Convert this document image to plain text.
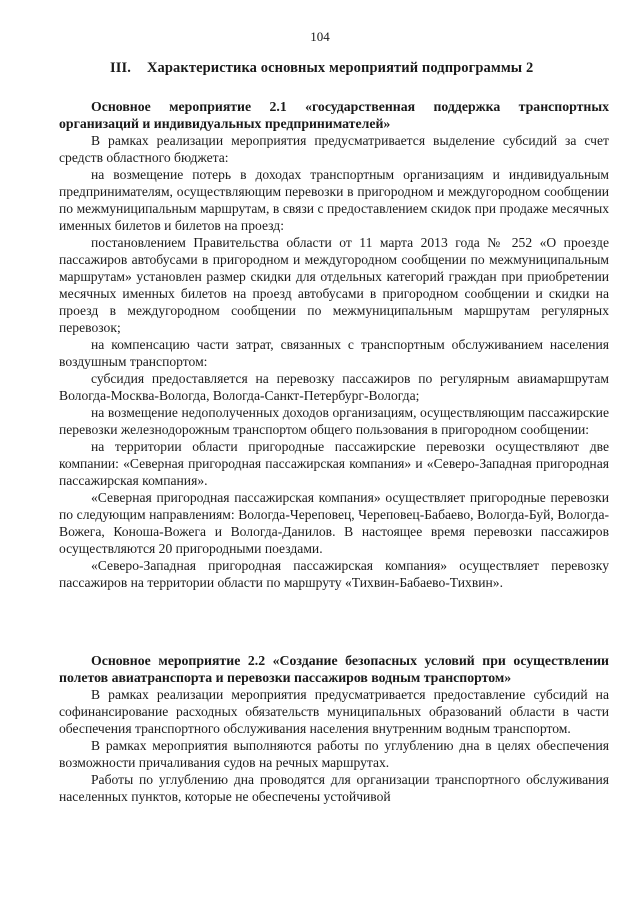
104
III. Характеристика основных мероприятий подпрограммы 2
Основное мероприятие 2.1 «государственная поддержка транспортных организаций и индивидуальных предпринимателей»

В рамках реализации мероприятия предусматривается выделение субсидий за счет средств областного бюджета:

на возмещение потерь в доходах транспортным организациям и индивидуальным предпринимателям, осуществляющим перевозки в пригородном и междугородном сообщении по межмуниципальным маршрутам, в связи с предоставлением скидок при продаже месячных именных билетов и билетов на проезд:

постановлением Правительства области от 11 марта 2013 года № 252 «О проезде пассажиров автобусами в пригородном и междугородном сообщении по межмуниципальным маршрутам» установлен размер скидки для отдельных категорий граждан при приобретении месячных именных билетов на проезд автобусами в пригородном сообщении и скидки на проезд в междугородном сообщении по межмуниципальным маршрутам регулярных перевозок;

на компенсацию части затрат, связанных с транспортным обслуживанием населения воздушным транспортом:

субсидия предоставляется на перевозку пассажиров по регулярным авиамаршрутам Вологда-Москва-Вологда, Вологда-Санкт-Петербург-Вологда;

на возмещение недополученных доходов организациям, осуществляющим пассажирские перевозки железнодорожным транспортом общего пользования в пригородном сообщении:

на территории области пригородные пассажирские перевозки осуществляют две компании: «Северная пригородная пассажирская компания» и «Северо-Западная пригородная пассажирская компания».

«Северная пригородная пассажирская компания» осуществляет пригородные перевозки по следующим направлениям: Вологда-Череповец, Череповец-Бабаево, Вологда-Буй, Вологда-Вожега, Коноша-Вожега и Вологда-Данилов. В настоящее время перевозки пассажиров осуществляются 20 пригородными поездами.

«Северо-Западная пригородная пассажирская компания» осуществляет перевозку пассажиров на территории области по маршруту «Тихвин-Бабаево-Тихвин».

Основное мероприятие 2.2 «Создание безопасных условий при осуществлении полетов авиатранспорта и перевозки пассажиров водным транспортом»

В рамках реализации мероприятия предусматривается предоставление субсидий на софинансирование расходных обязательств муниципальных образований области в части обеспечения транспортного обслуживания населения внутренним водным транспортом.

В рамках мероприятия выполняются работы по углублению дна в целях обеспечения возможности причаливания судов на речных маршрутах.

Работы по углублению дна проводятся для организации транспортного обслуживания населенных пунктов, которые не обеспечены устойчивой
